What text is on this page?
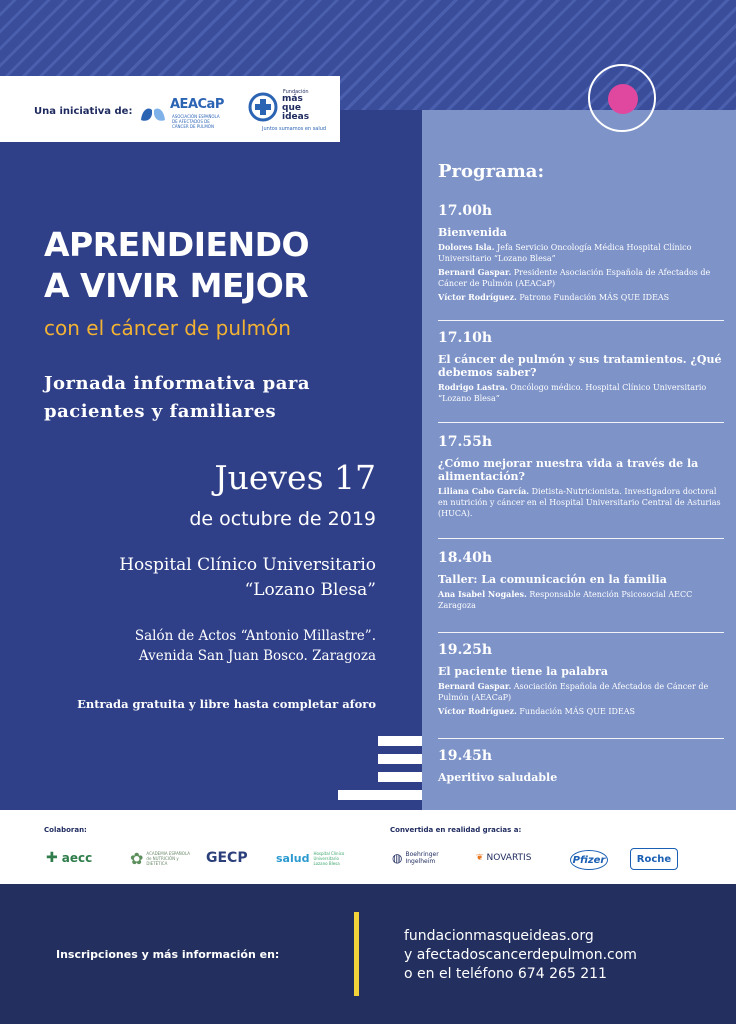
Una iniciativa de:	AEACaP
ASOCIACIÓN ESPAÑOLA DE AFECTADOS DE CÁNCER DE PULMÓN
Fundación
más que ideas
Juntos sumamos en salud
APRENDIENDO
A VIVIR MEJOR
con el cáncer de pulmón
Jornada informativa para
pacientes y familiares
Jueves 17
de octubre de 2019
Hospital Clínico Universitario
“Lozano Blesa”
Salón de Actos “Antonio Millastre”.
Avenida San Juan Bosco. Zaragoza
Entrada gratuita y libre hasta completar aforo
Programa:
17.00h
Bienvenida
Dolores Isla. Jefa Servicio Oncología Médica Hospital Clínico Universitario “Lozano Blesa”
Bernard Gaspar. Presidente Asociación Española de Afectados de Cáncer de Pulmón (AEACaP)
Víctor Rodríguez. Patrono Fundación MÁS QUE IDEAS
17.10h
El cáncer de pulmón y sus tratamientos. ¿Qué debemos saber?
Rodrigo Lastra. Oncólogo médico. Hospital Clínico Universitario “Lozano Blesa”
17.55h
¿Cómo mejorar nuestra vida a través de la alimentación?
Liliana Cabo García. Dietista-Nutricionista. Investigadora doctoral en nutrición y cáncer en el Hospital Universitario Central de Asturias (HUCA).
18.40h
Taller: La comunicación en la familia
Ana Isabel Nogales. Responsable Atención Psicosocial AECC Zaragoza
19.25h
El paciente tiene la palabra
Bernard Gaspar. Asociación Española de Afectados de Cáncer de Pulmón (AEACaP)
Víctor Rodríguez. Fundación MÁS QUE IDEAS
19.45h
Aperitivo saludable
Colaboran:	Convertida en realidad gracias a:
✚ aecc ✿ ACADEMIA ESPAÑOLA de NUTRICIÓN y DIETÉTICA	GECP	salud Hospital Clínico Universitario Lozano Blesa	◍ Boehringer Ingelheim	❦ NOVARTIS	Pfizer	Roche
Inscripciones y más información en:
fundacionmasqueideas.org
y afectadoscancerdepulmon.com
o en el teléfono 674 265 211
